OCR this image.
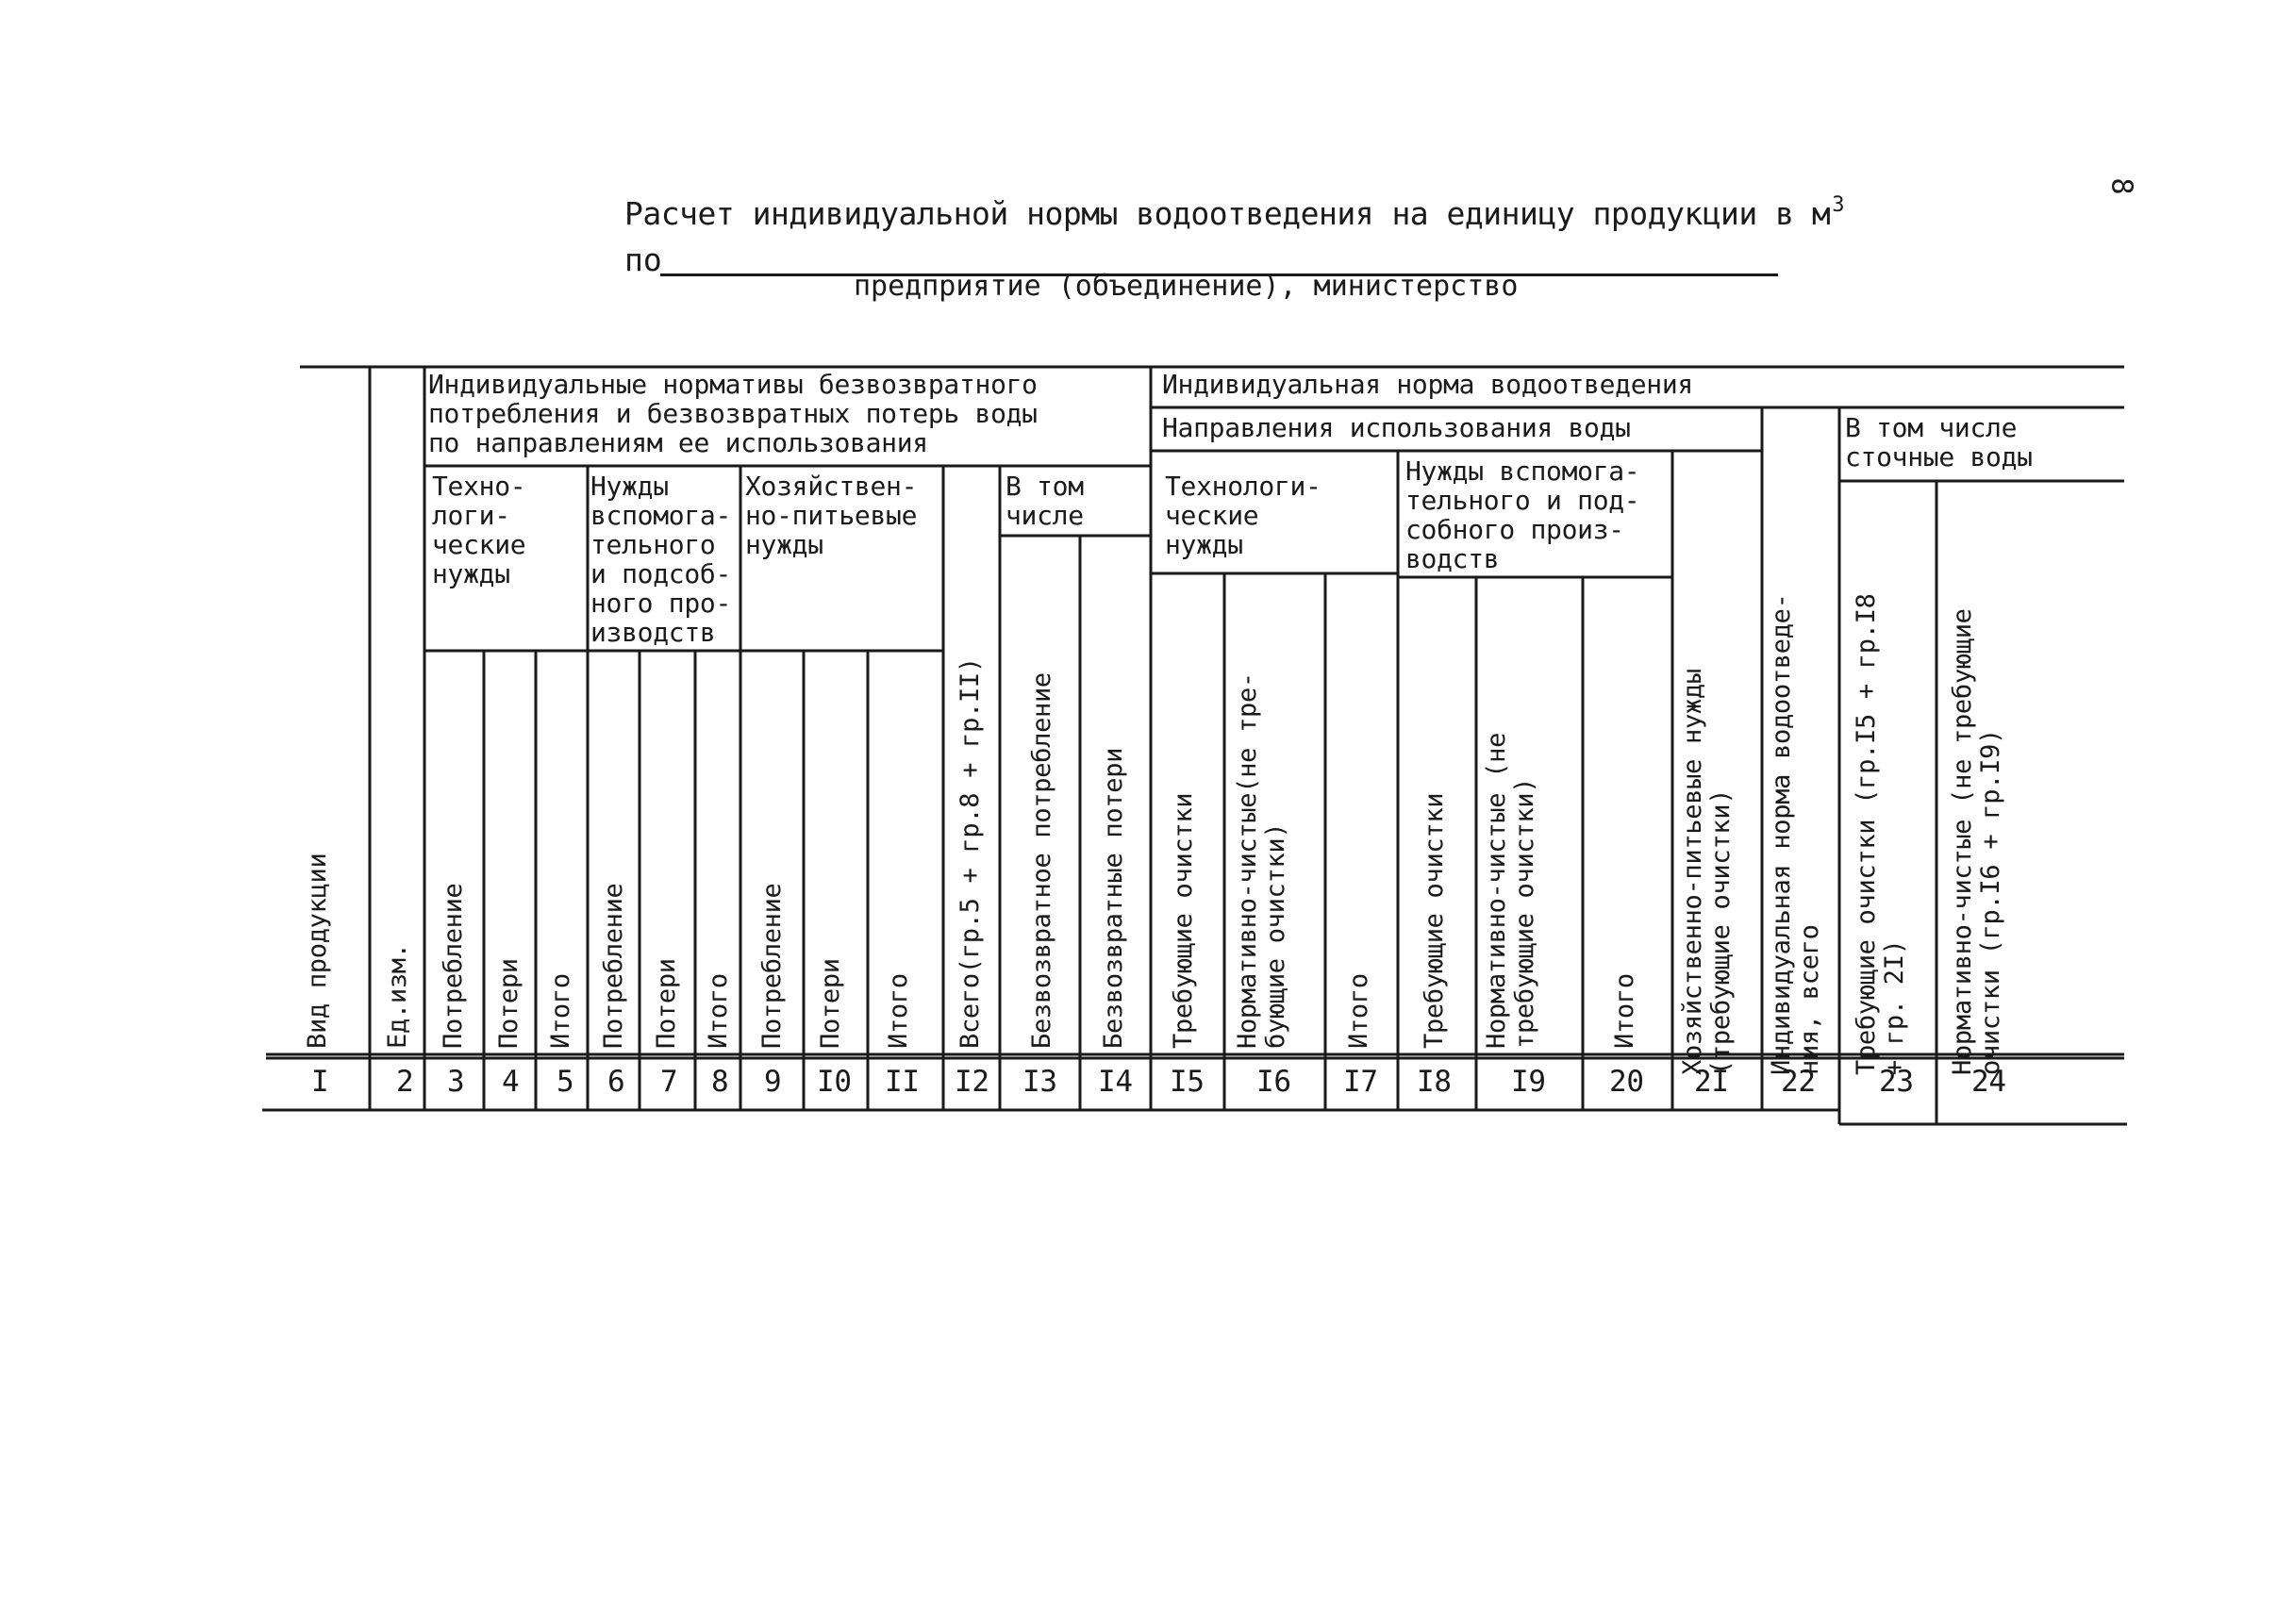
8
Расчет индивидуальной нормы водоотведения на единицу продукции в $м^3$
по
предприятие (объединение), министерство
Индивидуальные нормативы безвозвратного
потребления и безвозвратных потерь воды
по направлениям ее использования
Индивидуальная норма водоотведения
Направления использования воды
Техно-
логи-
ческие
нужды
Нужды
вспомога-
тельного
и подсоб-
ного про-
изводств
Хозяйствен-
но-питьевые
нужды
В том
числе
Технологи-
ческие
нужды
Нужды вспомога-
тельного и под-
собного произ-
водств
В том числе
сточные воды
Вид продукции Ед.изм. Потребление Потери Итого Потребление Потери Итого Потребление Потери Итого Всего(гр.5 + гр.8 + гр.II) Безвозвратное потребление Безвозвратные потери Требующие очистки Нормативно-чистые(не тре-
бующие очистки)
Итого Требующие очистки Нормативно-чистые (не
требующие очистки)
Итого Хозяйственно-питьевые нужды
(требующие очистки)
Индивидуальная норма водоотведе-
ния, всего Требующие очистки (гр.I5 + гр.I8
+ гр. 2I) Нормативно-чистые (не требующие
очистки (гр.I6 + гр.I9)
I 2 3 4 5 6 7 8 9 I0 II I2 I3 I4 I5 I6 I7 I8 I9 20 2I 22 23 24
